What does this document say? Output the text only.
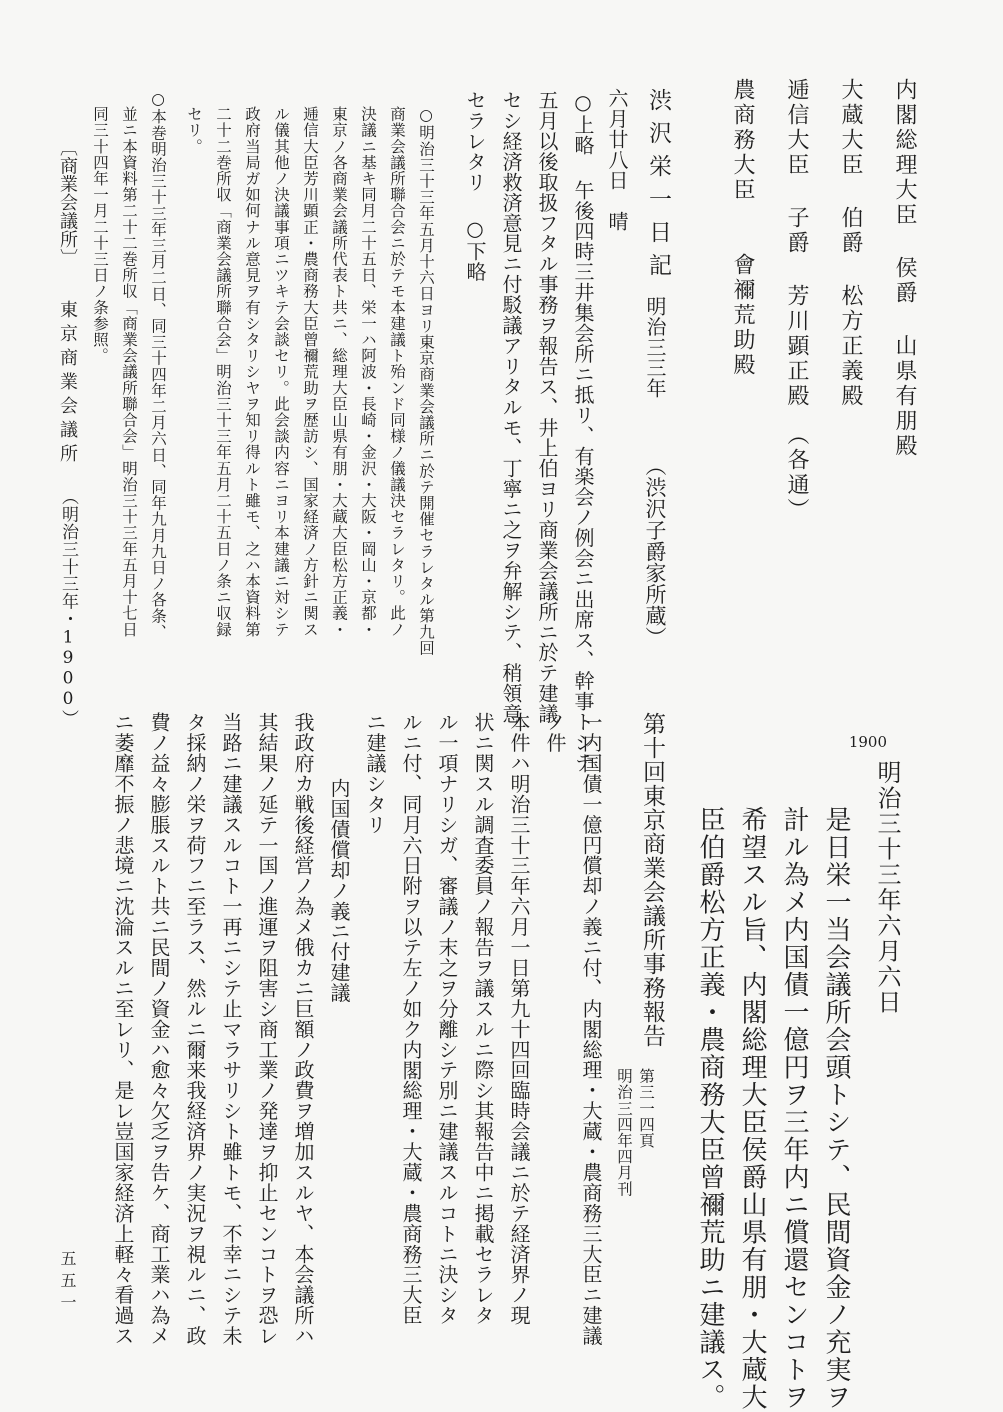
内閣総理大臣 侯爵 山県有朋殿
大蔵大臣 伯爵 松方正義殿
逓信大臣 子爵 芳川顕正殿　（各通）
農商務大臣　　會禰荒助殿
渋沢栄一日記
明治三三年
（渋沢子爵家所蔵）
六月廿八日　晴
○上略 午後四時三井集会所ニ抵リ、有楽会ノ例会ニ出席ス、幹事トシテ
五月以後取扱フタル事務ヲ報告ス、井上伯ヨリ商業会議所ニ於テ建議
セシ経済救済意見ニ付駁議アリタルモ、丁寧ニ之ヲ弁解シテ、稍領意
セラレタリ ○下略
○明治三十三年五月十六日ヨリ東京商業会議所ニ於テ開催セラレタル第九回
商業会議所聯合会ニ於テモ本建議ト殆ンド同様ノ儀議決セラレタリ。此ノ
決議ニ基キ同月二十五日、栄一ハ阿波・長崎・金沢・大阪・岡山・京都・
東京ノ各商業会議所代表ト共ニ、総理大臣山県有朋・大蔵大臣松方正義・
逓信大臣芳川顕正・農商務大臣曾禰荒助ヲ歴訪シ、国家経済ノ方針ニ関ス
ル儀其他ノ決議事項ニツキテ会談セリ。此会談内容ニヨリ本建議ニ対シテ
政府当局ガ如何ナル意見ヲ有シタリシヤヲ知リ得ルト雖モ、之ハ本資料第
二十二巻所収「商業会議所聯合会」明治三十三年五月二十五日ノ条ニ収録
セリ。
○本巻明治三十三年三月二日、同三十四年二月六日、同年九月九日ノ各条、
並ニ本資料第二十二巻所収「商業会議所聯合会」明治三十三年五月十七日
同三十四年一月二十三日ノ条参照。
〔商業会議所〕
東京商業会議所
（明治三十三年・1900）
1900
明治三十三年六月六日
是日栄一当会議所会頭トシテ、民間資金ノ充実ヲ
計ル為メ内国債一億円ヲ三年内ニ償還センコトヲ
希望スル旨、内閣総理大臣侯爵山県有朋・大蔵大
臣伯爵松方正義・農商務大臣曾禰荒助ニ建議ス。
第十回東京商業会議所事務報告
第三一四頁
明治三四年四月刊
一内国債一億円償却ノ義ニ付、内閣総理・大蔵・農商務三大臣ニ建議
ノ件
本件ハ明治三十三年六月一日第九十四回臨時会議ニ於テ経済界ノ現
状ニ関スル調査委員ノ報告ヲ議スルニ際シ其報告中ニ掲載セラレタ
ル一項ナリシガ、審議ノ末之ヲ分離シテ別ニ建議スルコトニ決シタ
ルニ付、同月六日附ヲ以テ左ノ如ク内閣総理・大蔵・農商務三大臣
ニ建議シタリ
内国債償却ノ義ニ付建議
我政府カ戦後経営ノ為メ俄カニ巨額ノ政費ヲ増加スルヤ、本会議所ハ
其結果ノ延テ一国ノ進運ヲ阻害シ商工業ノ発達ヲ抑止センコトヲ恐レ
当路ニ建議スルコト一再ニシテ止マラサリシト雖トモ、不幸ニシテ未
タ採納ノ栄ヲ荷フニ至ラス、然ルニ爾来我経済界ノ実況ヲ視ルニ、政
費ノ益々膨脹スルト共ニ民間ノ資金ハ愈々欠乏ヲ告ケ、商工業ハ為メ
ニ萎靡不振ノ悲境ニ沈淪スルニ至レリ、是レ豈国家経済上軽々看過ス
五五一
